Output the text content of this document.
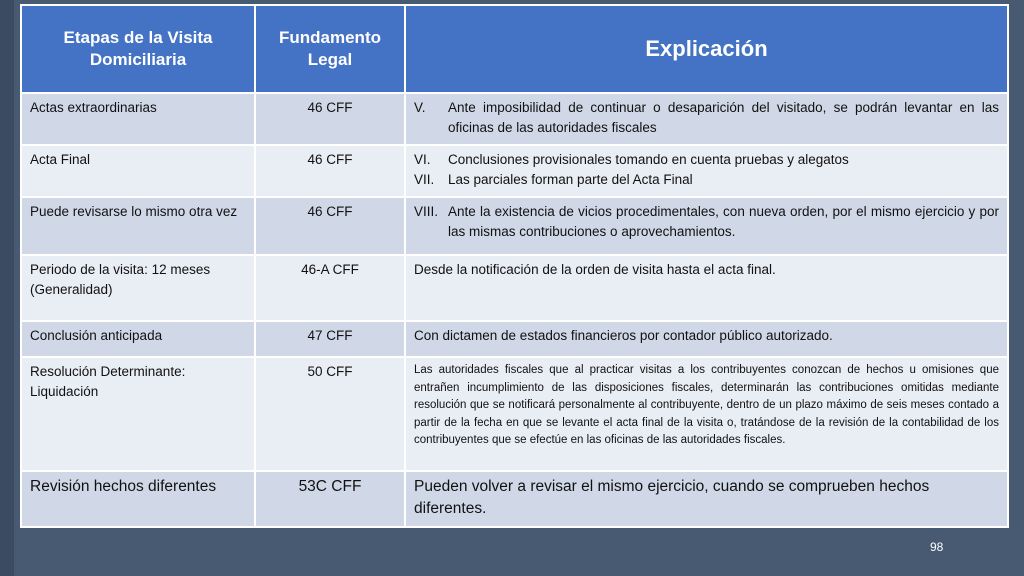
Etapas de la Visita Domiciliaria	Fundamento Legal	Explicación
Actas extraordinarias	46 CFF	V. Ante imposibilidad de continuar o desaparición del visitado, se podrán levantar en las oficinas de las autoridades fiscales

Acta Final	46 CFF	VI. Conclusiones provisionales tomando en cuenta pruebas y alegatos
VII. Las parciales forman parte del Acta Final

Puede revisarse lo mismo otra vez	46 CFF	VIII. Ante la existencia de vicios procedimentales, con nueva orden, por el mismo ejercicio y por las mismas contribuciones o aprovechamientos.

Periodo de la visita: 12 meses (Generalidad)	46-A CFF	Desde la notificación de la orden de visita hasta el acta final.
Conclusión anticipada	47 CFF	Con dictamen de estados financieros por contador público autorizado.
Resolución Determinante: Liquidación	50 CFF	Las autoridades fiscales que al practicar visitas a los contribuyentes conozcan de hechos u omisiones que entrañen incumplimiento de las disposiciones fiscales, determinarán las contribuciones omitidas mediante resolución que se notificará personalmente al contribuyente, dentro de un plazo máximo de seis meses contado a partir de la fecha en que se levante el acta final de la visita o, tratándose de la revisión de la contabilidad de los contribuyentes que se efectúe en las oficinas de las autoridades fiscales.
Revisión hechos diferentes	53C CFF	Pueden volver a revisar el mismo ejercicio, cuando se comprueben hechos diferentes.
98
